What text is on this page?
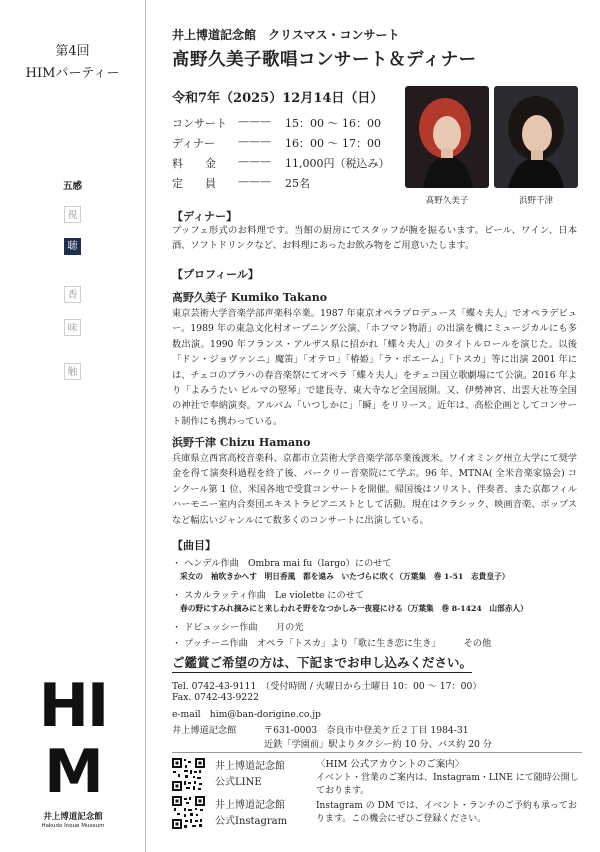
第4回
HIMパーティー
五感
視
聴
香
味
触
HI
M
井上博道記念館
Hakudo Inoue Museum
井上博道記念館　クリスマス・コンサート
髙野久美子歌唱コンサート＆ディナー
令和7年（2025）12月14日（日）
コンサート ——— 15：00 ～ 16：00
ディナー ——— 16：00 ～ 17：00
料　　金 ——— 11,000円（税込み）
定　　員 ——— 25名
髙野久美子	浜野千津
【ディナー】
ブッフェ形式のお料理です。当館の厨房にてスタッフが腕を振るいます。ビール、ワイン、日本酒、ソフトドリンクなど、お料理にあったお飲み物をご用意いたします。
【プロフィール】
髙野久美子 Kumiko Takano
東京芸術大学音楽学部声楽科卒業。1987 年東京オペラプロデュース「蝶々夫人」でオペラデビュー。1989 年の東急文化村オープニング公演、「ホフマン物語」の出演を機にミュージカルにも多数出演。1990 年フランス・アルザス県に招かれ「蝶々夫人」のタイトルロールを演じた。以後「ドン・ジョヴァンニ」魔笛」「オテロ」「椿姫」「ラ・ボエーム」「トスカ」等に出演 2001 年には、チェコのプラハの春音楽祭にてオペラ「蝶々夫人」をチェコ国立歌劇場にて公演。2016 年より「よみうたい ビルマの竪琴」で建長寺、東大寺など全国展開。又、伊勢神宮、出雲大社等全国の神社で奉納演奏。アルバム「いつしかに」「瞬」をリリース。近年は、高松企画としてコンサート制作にも携わっている。
浜野千津 Chizu Hamano
兵庫県立西宮高校音楽科、京都市立芸術大学音楽学部卒業後渡米。ワイオミング州立大学にて奨学金を得て演奏科過程を終了後、バークリー音楽院にて学ぶ。96 年、MTNA( 全米音楽家協会) コンクール第 1 位、米国各地で受賞コンサートを開催。帰国後はソリスト、伴奏者、また京都フィルハーモニー室内合奏団エキストラピアニストとして活動。現在はクラシック、映画音楽、ポップスなど幅広いジャンルにて数多くのコンサートに出演している。
【曲目】
・ ヘンデル作曲　Ombra mai fu（largo）にのせて
采女の　袖吹きかへす　明日香風　都を遠み　いたづらに吹く（万葉集　巻 1-51　志貴皇子）
・ スカルラッティ作曲　Le violette にのせて
春の野にすみれ摘みにと来しわれそ野をなつかしみ一夜寝にける（万葉集　巻 8-1424　山部赤人）
・ ドビュッシー作曲　　月の光
・ プッチーニ作曲　オペラ「トスカ」より「歌に生き恋に生き」　　　その他
ご鑑賞ご希望の方は、下記までお申し込みください。
Tel. 0742-43-9111　（受付時間 / 火曜日から土曜日 10：00 ～ 17：00）
Fax. 0742-43-9222
e-mail　him@ban-dorigine.co.jp
井上博道記念館	〒631-0003　奈良市中登美ケ丘２丁目 1984-31
近鉄「学園前」駅よりタクシー約 10 分、バス約 20 分
井上博道記念館
公式LINE
井上博道記念館
公式Instagram
〈HIM 公式アカウントのご案内〉
イベント・営業のご案内は、Instagram・LINE にて随時公開しております。
Instagram の DM では、イベント・ランチのご予約も承っております。この機会にぜひご登録ください。
